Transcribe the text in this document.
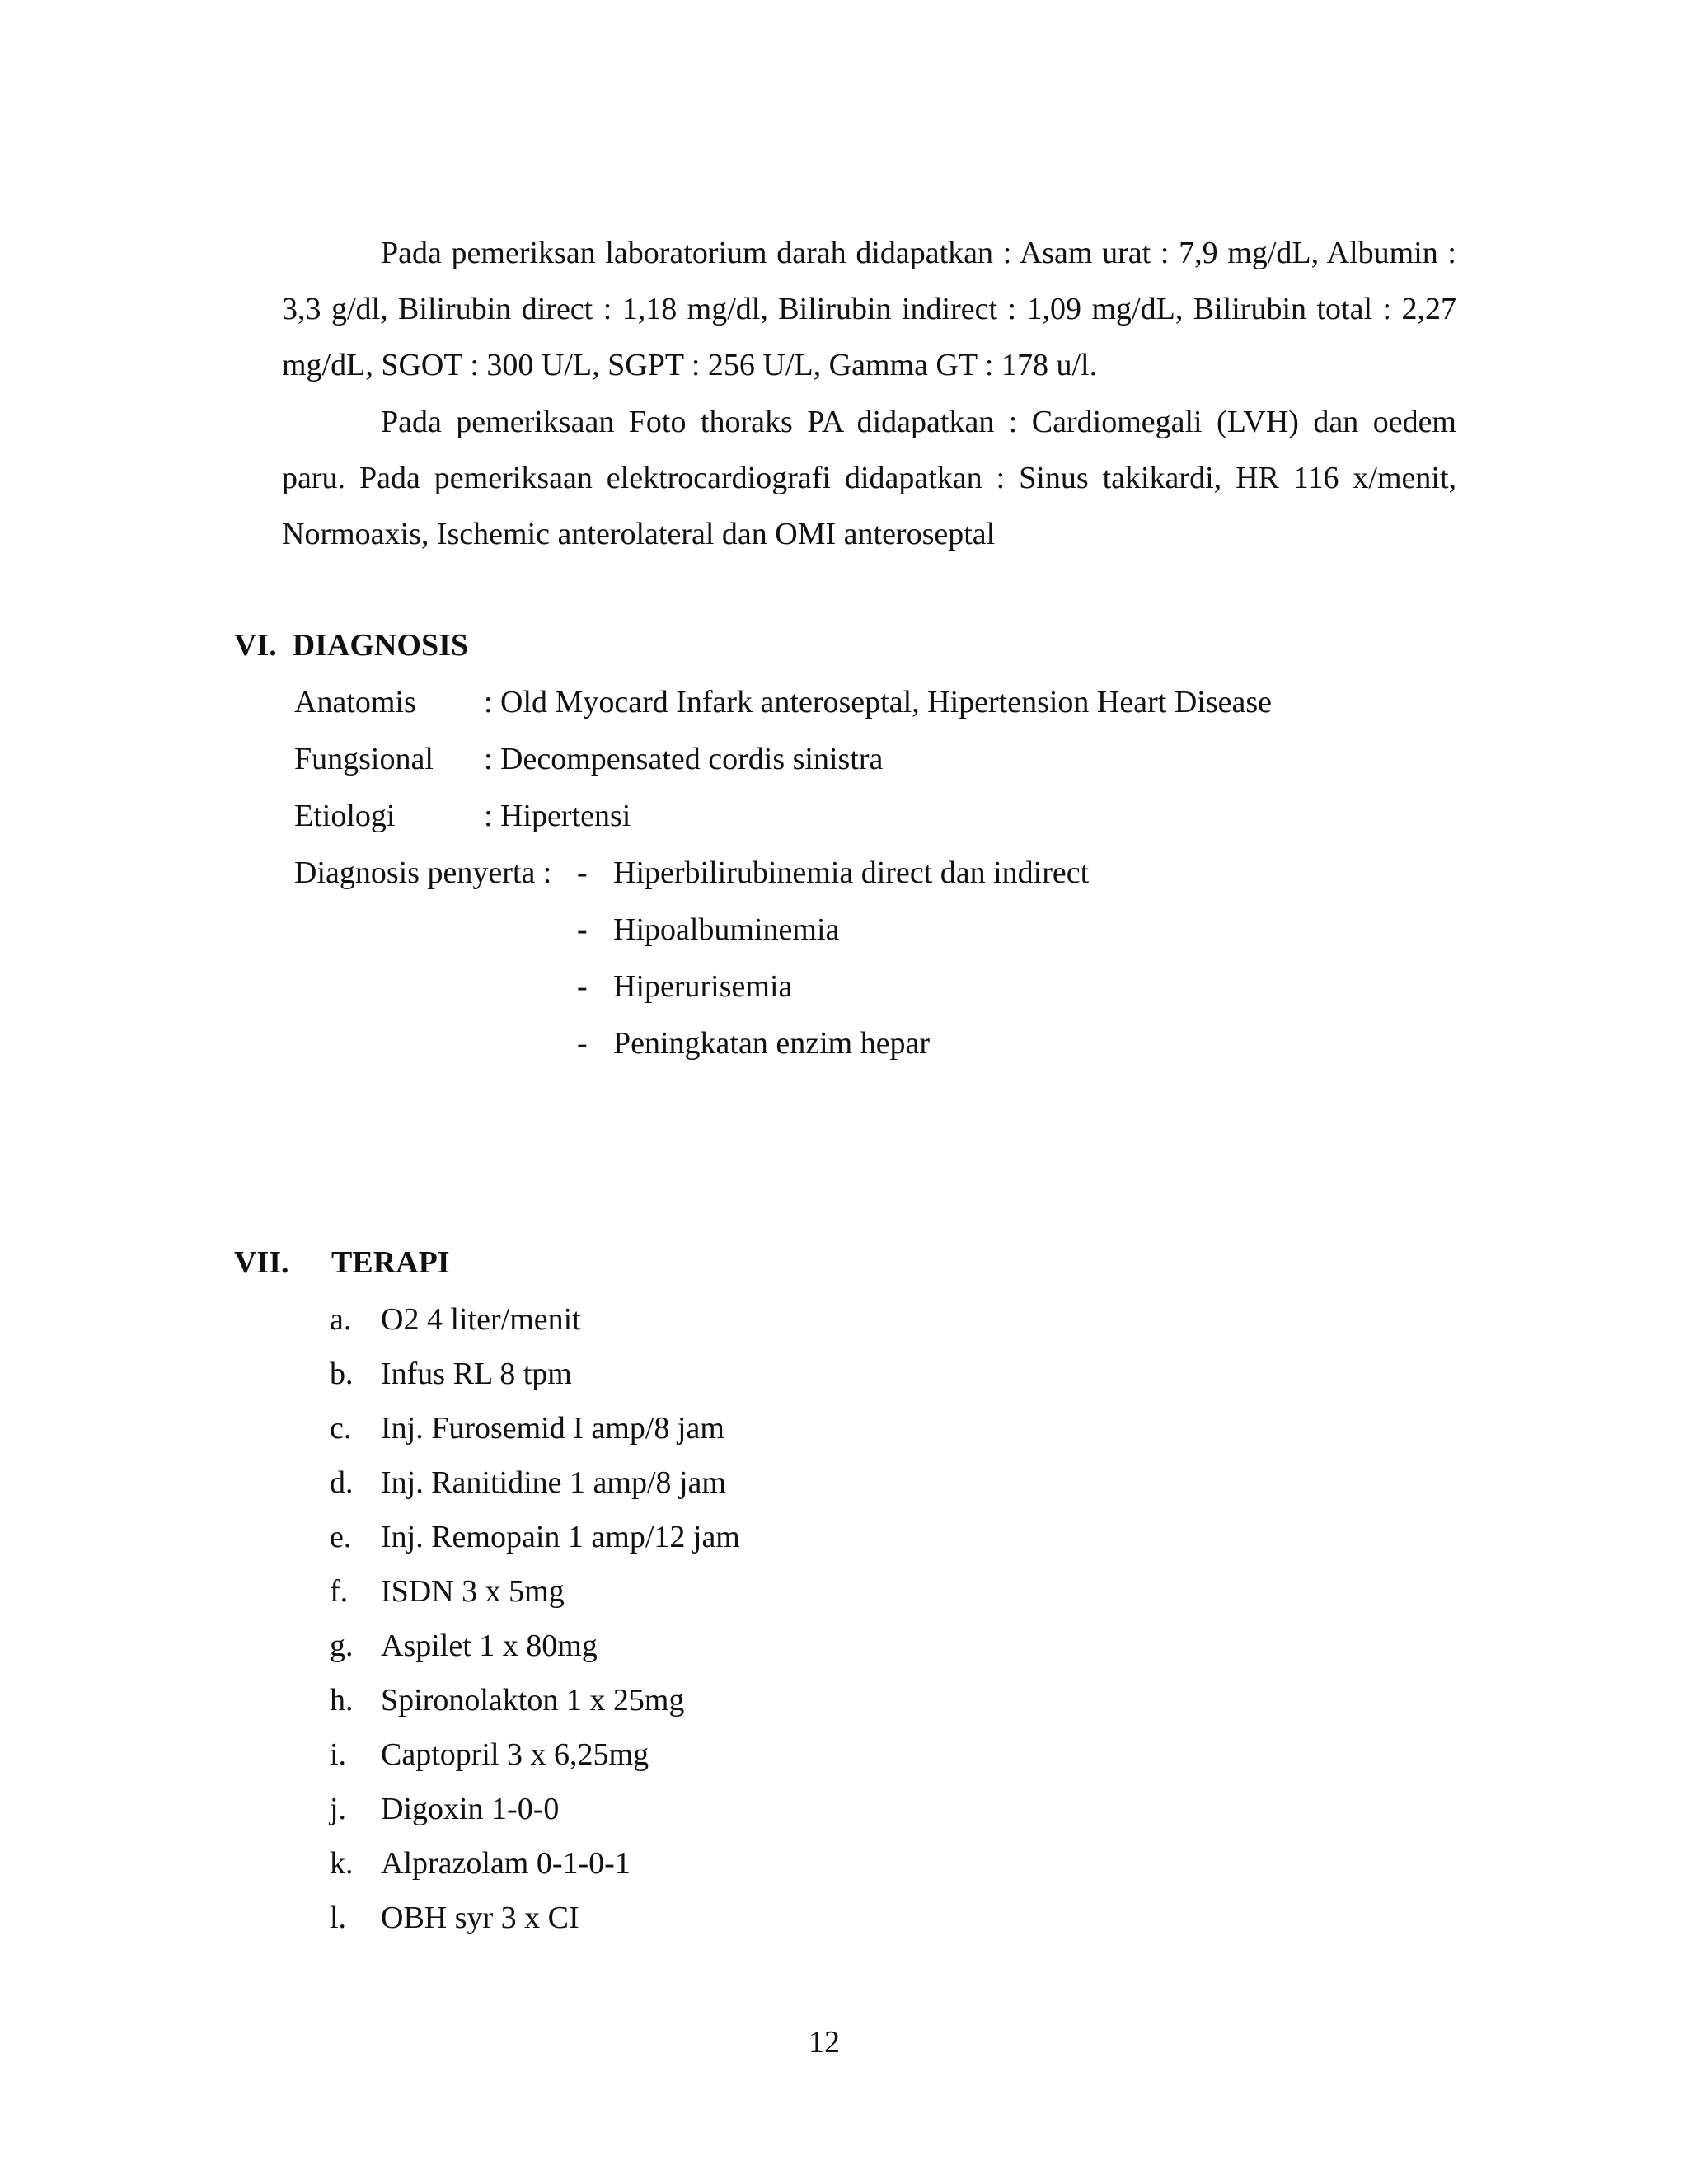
Pada pemeriksan laboratorium darah didapatkan : Asam urat : 7,9 mg/dL, Albumin : 3,3 g/dl, Bilirubin direct : 1,18 mg/dl, Bilirubin indirect : 1,09 mg/dL, Bilirubin total : 2,27 mg/dL, SGOT : 300 U/L, SGPT : 256 U/L, Gamma GT : 178 u/l.

Pada pemeriksaan Foto thoraks PA didapatkan : Cardiomegali (LVH) dan oedem paru. Pada pemeriksaan elektrocardiografi didapatkan : Sinus takikardi, HR 116 x/menit, Normoaxis, Ischemic anterolateral dan OMI anteroseptal

VI.  DIAGNOSIS
Anatomis : Old Myocard Infark anteroseptal, Hipertension Heart Disease
Fungsional : Decompensated cordis sinistra
Etiologi	: Hipertensi
Diagnosis penyerta : - Hiperbilirubinemia direct dan indirect
- Hipoalbuminemia
- Hiperurisemia
- Peningkatan enzim hepar
VII. TERAPI
a. O2 4 liter/menit
b. Infus RL 8 tpm
c. Inj. Furosemid I amp/8 jam
d. Inj. Ranitidine 1 amp/8 jam
e. Inj. Remopain 1 amp/12 jam
f. ISDN 3 x 5mg
g. Aspilet 1 x 80mg
h. Spironolakton 1 x 25mg
i. Captopril 3 x 6,25mg
j. Digoxin 1-0-0
k. Alprazolam 0-1-0-1
l. OBH syr 3 x CI
12
